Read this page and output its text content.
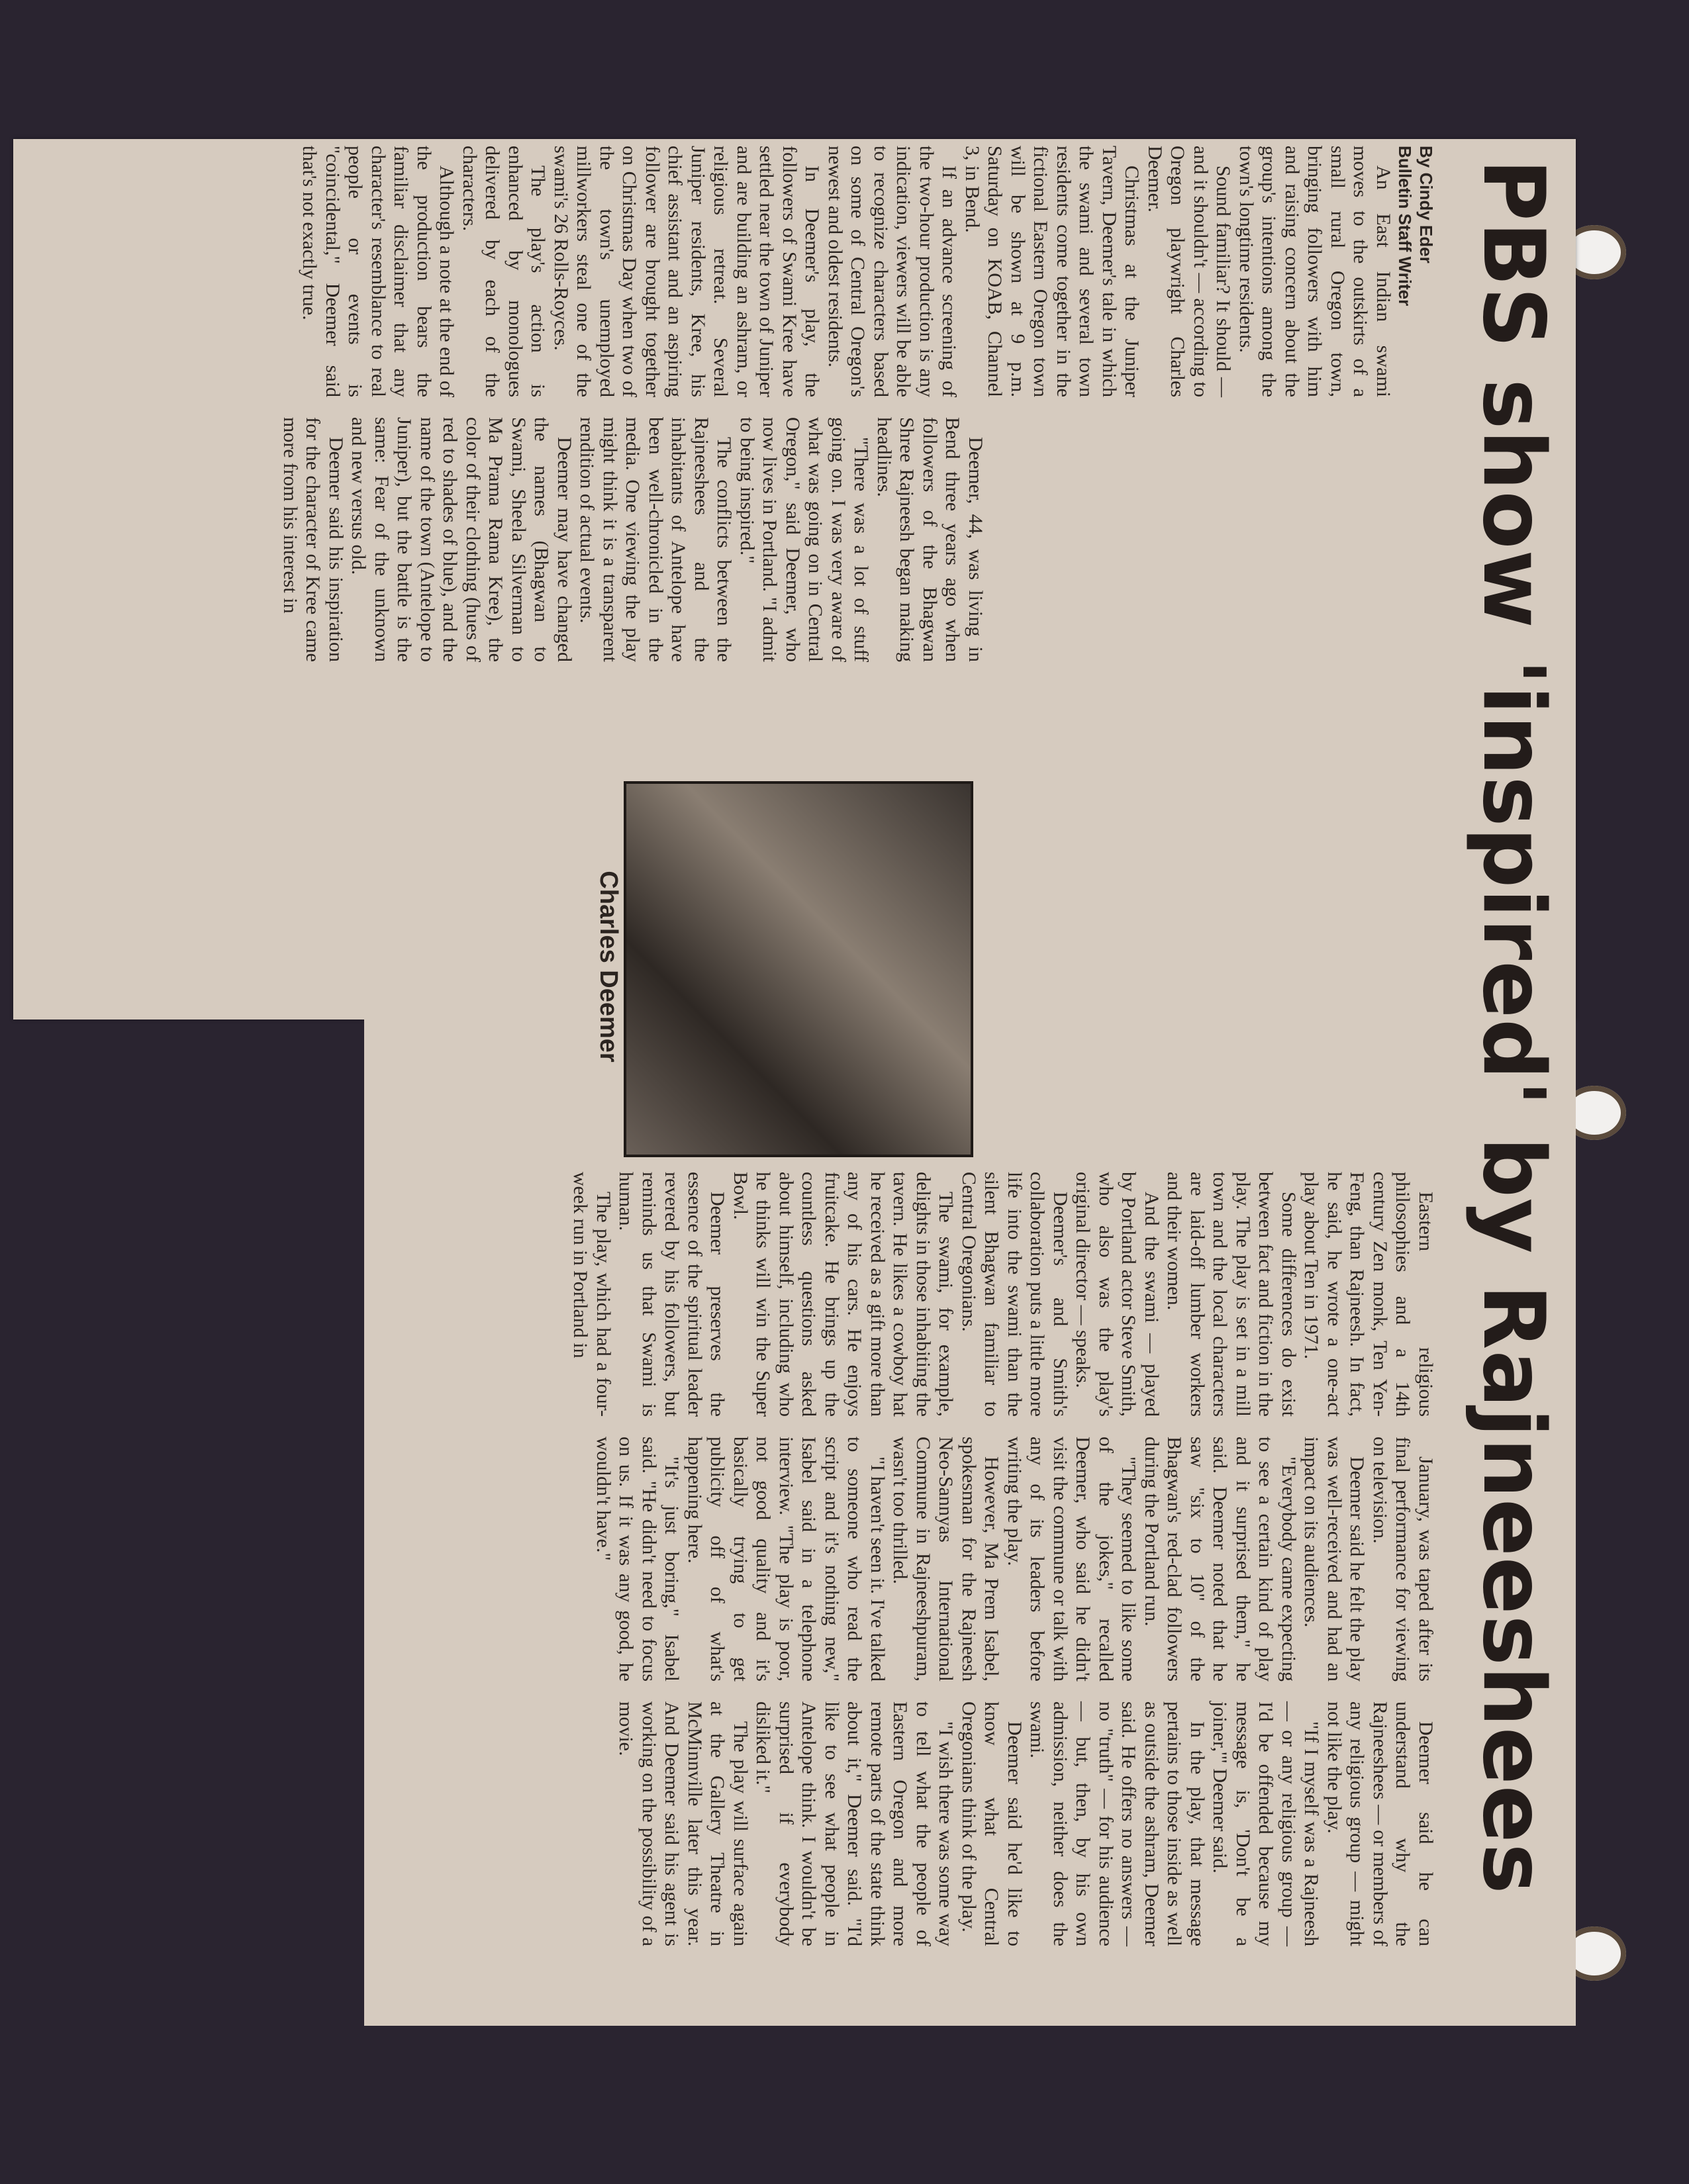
PBS show 'inspired' by Rajneeshees
By Cindy Eder
Bulletin Staff Writer

An East Indian swami moves to the outskirts of a small rural Oregon town, bringing followers with him and raising concern about the group's intentions among the town's longtime residents.

Sound familiar? It should — and it shouldn't — according to Oregon playwright Charles Deemer.

Christmas at the Juniper Tavern, Deemer's tale in which the swami and several town residents come together in the fictional Eastern Oregon town will be shown at 9 p.m. Saturday on KOAB, Channel 3, in Bend.

If an advance screening of the two-hour production is any indication, viewers will be able to recognize characters based on some of Central Oregon's newest and oldest residents.

In Deemer's play, the followers of Swami Kree have settled near the town of Juniper and are building an ashram, or religious retreat. Several Juniper residents, Kree, his chief assistant and an aspiring follower are brought together on Christmas Day when two of the town's unemployed millworkers steal one of the swami's 26 Rolls-Royces.

The play's action is enhanced by monologues delivered by each of the characters.

Although a note at the end of the production bears the familiar disclaimer that any character's resemblance to real people or events is "coincidental," Deemer said that's not exactly true.

Deemer, 44, was living in Bend three years ago when followers of the Bhagwan Shree Rajneesh began making headlines.

"There was a lot of stuff going on. I was very aware of what was going on in Central Oregon," said Deemer, who now lives in Portland. "I admit to being inspired."

The conflicts between the Rajneeshees and the inhabitants of Antelope have been well-chronicled in the media. One viewing the play might think it is a transparent rendition of actual events.

Deemer may have changed the names (Bhagwan to Swami, Sheela Silverman to Ma Prama Rama Kree), the color of their clothing (hues of red to shades of blue), and the name of the town (Antelope to Juniper), but the battle is the same: Fear of the unknown and new versus old.

Deemer said his inspiration for the character of Kree came more from his interest in

Charles Deemer

Eastern religious philosophies and a 14th century Zen monk, Ten Yen-Feng, than Rajneesh. In fact, he said, he wrote a one-act play about Ten in 1971.

Some differences do exist between fact and fiction in the play. The play is set in a mill town and the local characters are laid-off lumber workers and their women.

And the swami — played by Portland actor Steve Smith, who also was the play's original director — speaks.

Deemer's and Smith's collaboration puts a little more life into the swami than the silent Bhagwan familiar to Central Oregonians.

The swami, for example, delights in those inhabiting the tavern. He likes a cowboy hat he received as a gift more than any of his cars. He enjoys fruitcake. He brings up the countless questions asked about himself, including who he thinks will win the Super Bowl.

Deemer preserves the essence of the spiritual leader revered by his followers, but reminds us that Swami is human.

The play, which had a four-week run in Portland in

January, was taped after its final performance for viewing on television.

Deemer said he felt the play was well-received and had an impact on its audiences.

"Everybody came expecting to see a certain kind of play and it surprised them," he said. Deemer noted that he saw "six to 10" of the Bhagwan's red-clad followers during the Portland run.

"They seemed to like some of the jokes," recalled Deemer, who said he didn't visit the commune or talk with any of its leaders before writing the play.

However, Ma Prem Isabel, spokesman for the Rajneesh Neo-Sannyas International Commune in Rajneeshpuram, wasn't too thrilled.

"I haven't seen it. I've talked to someone who read the script and it's nothing new," Isabel said in a telephone interview. "The play is poor, not good quality and it's basically trying to get publicity off of what's happening here.

"It's just boring," Isabel said. "He didn't need to focus on us. If it was any good, he wouldn't have."

Deemer said he can understand why the Rajneeshees — or members of any religious group — might not like the play.

"If I myself was a Rajneesh — or any religious group — I'd be offended because my message is, 'Don't be a joiner,'" Deemer said.

In the play, that message pertains to those inside as well as outside the ashram, Deemer said. He offers no answers — no "truth" — for his audience — but, then, by his own admission, neither does the swami.

Deemer said he'd like to know what Central Oregonians think of the play.

"I wish there was some way to tell what the people of Eastern Oregon and more remote parts of the state think about it," Deemer said. "I'd like to see what people in Antelope think. I wouldn't be surprised if everybody disliked it."

The play will surface again at the Gallery Theatre in McMinnville later this year. And Deemer said his agent is working on the possibility of a movie.
